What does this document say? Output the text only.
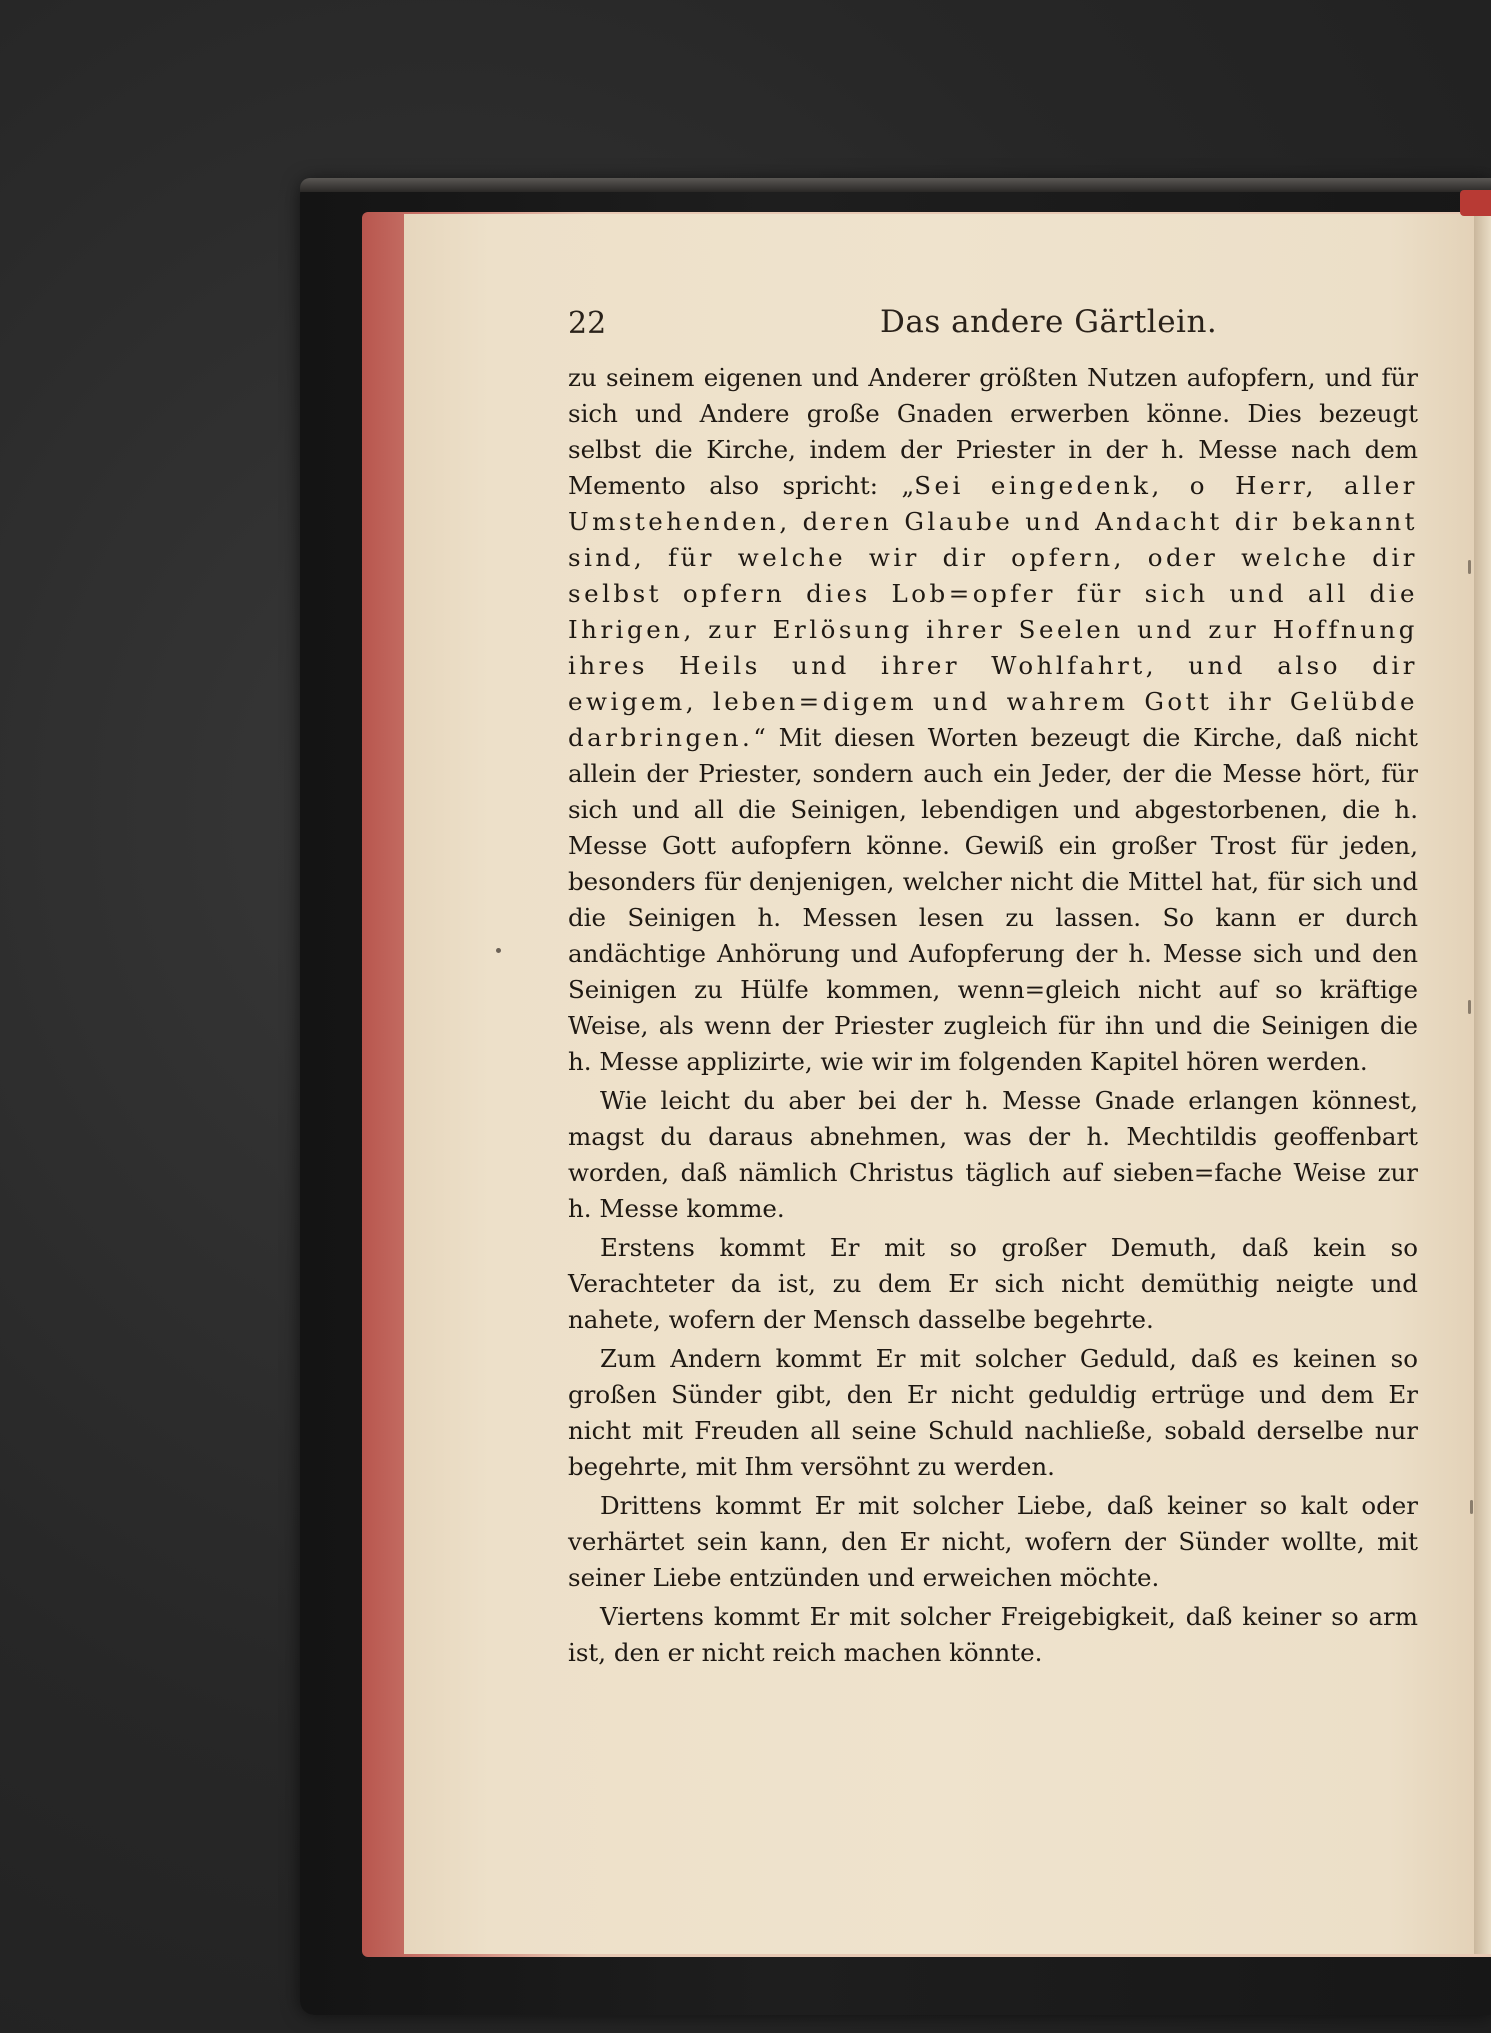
22	Das andere Gärtlein.

zu seinem eigenen und Anderer größten Nutzen aufopfern, und für sich und Andere große Gnaden erwerben könne. Dies bezeugt selbst die Kirche, indem der Priester in der h. Messe nach dem Memento also spricht: „Sei eingedenk, o Herr, aller Umstehenden, deren Glaube und Andacht dir bekannt sind, für welche wir dir opfern, oder welche dir selbst opfern dies Lob=opfer für sich und all die Ihrigen, zur Erlösung ihrer Seelen und zur Hoffnung ihres Heils und ihrer Wohlfahrt, und also dir ewigem, leben=digem und wahrem Gott ihr Gelübde darbringen.“ Mit diesen Worten bezeugt die Kirche, daß nicht allein der Priester, sondern auch ein Jeder, der die Messe hört, für sich und all die Seinigen, lebendigen und abgestorbenen, die h. Messe Gott aufopfern könne. Gewiß ein großer Trost für jeden, besonders für denjenigen, welcher nicht die Mittel hat, für sich und die Seinigen h. Messen lesen zu lassen. So kann er durch andächtige Anhörung und Aufopferung der h. Messe sich und den Seinigen zu Hülfe kommen, wenn=gleich nicht auf so kräftige Weise, als wenn der Priester zugleich für ihn und die Seinigen die h. Messe applizirte, wie wir im folgenden Kapitel hören werden.

Wie leicht du aber bei der h. Messe Gnade erlangen könnest, magst du daraus abnehmen, was der h. Mechtildis geoffenbart worden, daß nämlich Christus täglich auf sieben=fache Weise zur h. Messe komme.

Erstens kommt Er mit so großer Demuth, daß kein so Verachteter da ist, zu dem Er sich nicht demüthig neigte und nahete, wofern der Mensch dasselbe begehrte.

Zum Andern kommt Er mit solcher Geduld, daß es keinen so großen Sünder gibt, den Er nicht geduldig ertrüge und dem Er nicht mit Freuden all seine Schuld nachließe, sobald derselbe nur begehrte, mit Ihm versöhnt zu werden.

Drittens kommt Er mit solcher Liebe, daß keiner so kalt oder verhärtet sein kann, den Er nicht, wofern der Sünder wollte, mit seiner Liebe entzünden und erweichen möchte.

Viertens kommt Er mit solcher Freigebigkeit, daß keiner so arm ist, den er nicht reich machen könnte.
